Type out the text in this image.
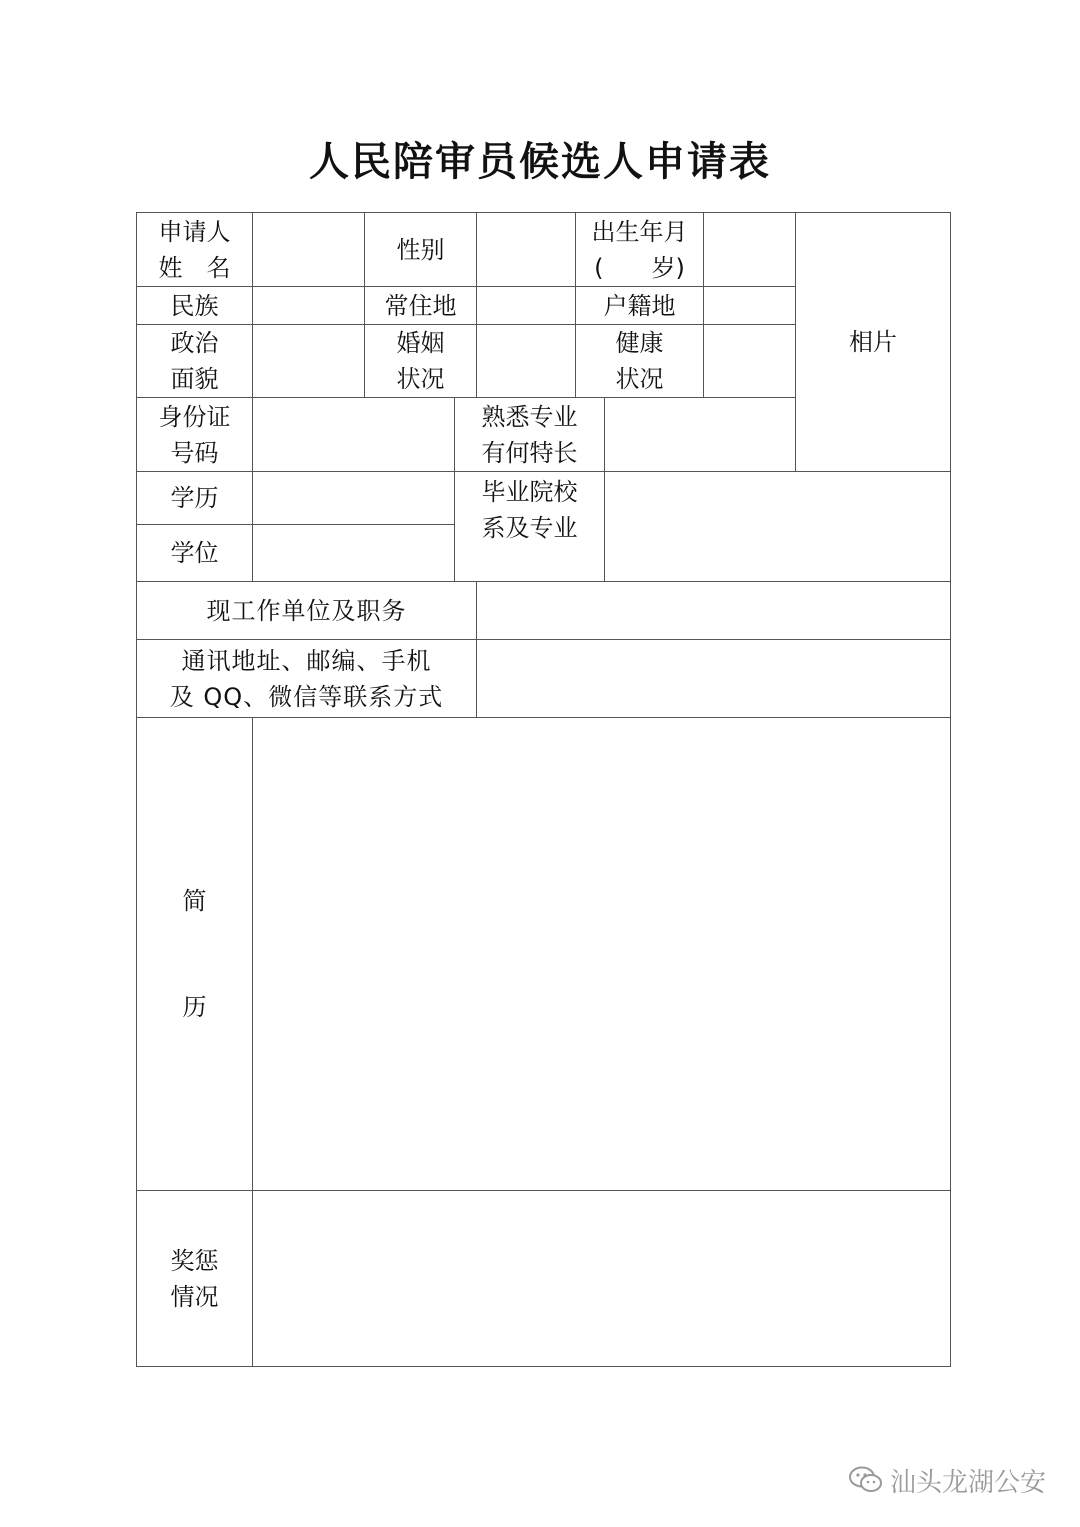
人民陪审员候选人申请表
申请人
姓　名
性别
出生年月
(　　岁)
相片
民族	常住地	户籍地
政治
面貌
婚姻
状况
健康
状况
身份证
号码
熟悉专业
有何特长
学历
学位
毕业院校
系及专业
现工作单位及职务
通讯地址、邮编、手机
及 QQ、微信等联系方式
简
历
奖惩
情况
汕头龙湖公安
